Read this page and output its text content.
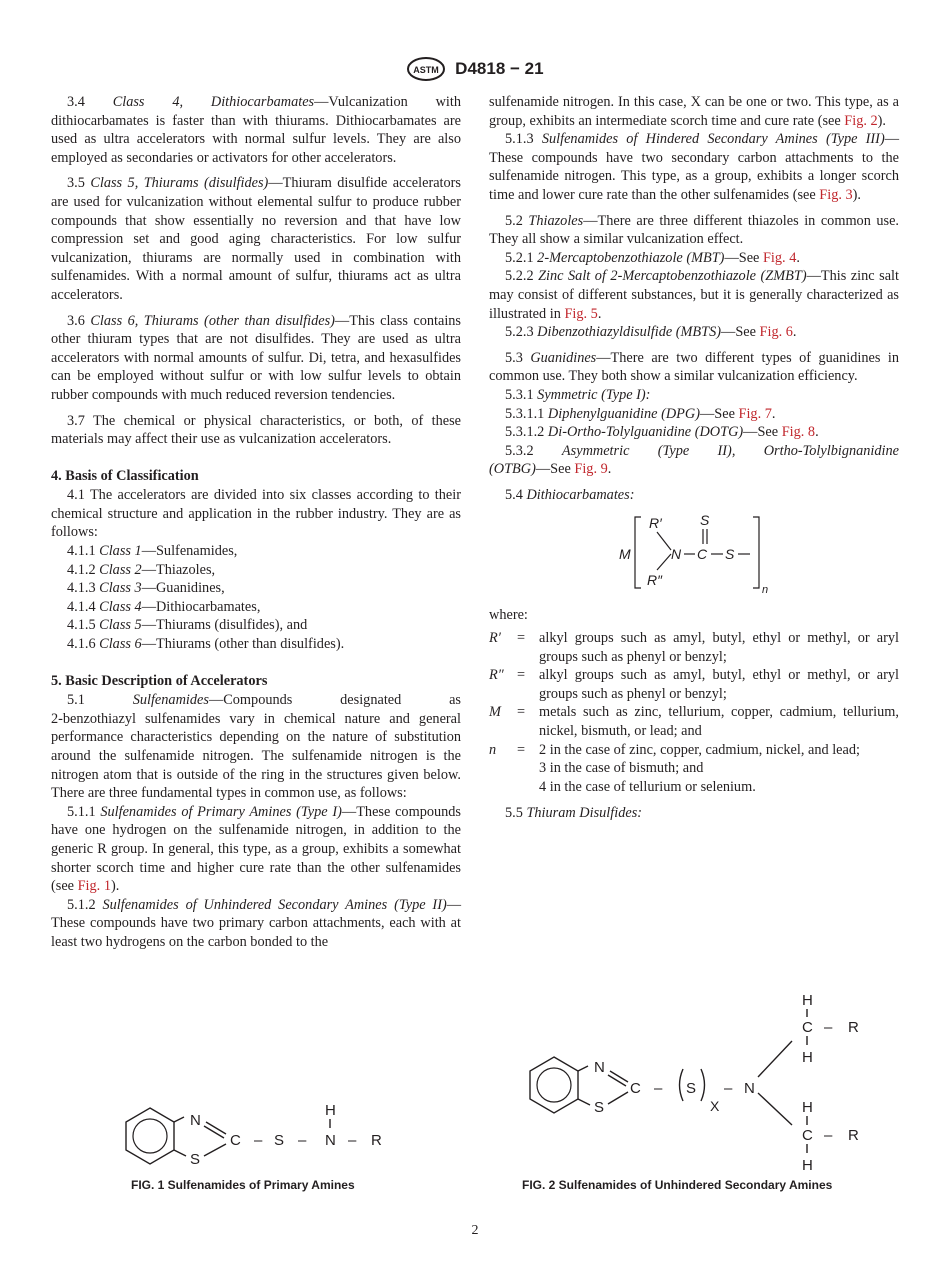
ASTM D4818 − 21

3.4 Class 4, Dithiocarbamates—Vulcanization with dithiocarbamates is faster than with thiurams. Dithiocarbamates are used as ultra accelerators with normal sulfur levels. They are also employed as secondaries or activators for other accelerators.

3.5 Class 5, Thiurams (disulfides)—Thiuram disulfide accelerators are used for vulcanization without elemental sulfur to produce rubber compounds that show essentially no reversion and that have low compression set and good aging characteristics. For low sulfur vulcanization, thiurams are normally used in combination with sulfenamides. With a normal amount of sulfur, thiurams act as ultra accelerators.

3.6 Class 6, Thiurams (other than disulfides)—This class contains other thiuram types that are not disulfides. They are used as ultra accelerators with normal amounts of sulfur. Di, tetra, and hexasulfides can be employed without sulfur or with low sulfur levels to obtain rubber compounds with much reduced reversion tendencies.

3.7 The chemical or physical characteristics, or both, of these materials may affect their use as vulcanization accelerators.

4. Basis of Classification

4.1 The accelerators are divided into six classes according to their chemical structure and application in the rubber industry. They are as follows:

4.1.1 Class 1—Sulfenamides,

4.1.2 Class 2—Thiazoles,

4.1.3 Class 3—Guanidines,

4.1.4 Class 4—Dithiocarbamates,

4.1.5 Class 5—Thiurams (disulfides), and

4.1.6 Class 6—Thiurams (other than disulfides).

5. Basic Description of Accelerators

5.1	Sulfenamides—Compounds designated as

2-benzothiazyl sulfenamides vary in chemical nature and general performance characteristics depending on the nature of substitution around the sulfenamide nitrogen. The sulfenamide nitrogen is the nitrogen atom that is outside of the ring in the structures given below. There are three fundamental types in common use, as follows:

5.1.1 Sulfenamides of Primary Amines (Type I)—These compounds have one hydrogen on the sulfenamide nitrogen, in addition to the generic R group. In general, this type, as a group, exhibits a somewhat shorter scorch time and higher cure rate than the other sulfenamides (see Fig. 1).

5.1.2 Sulfenamides of Unhindered Secondary Amines (Type II)—These compounds have two primary carbon attachments, each with at least two hydrogens on the carbon bonded to the

sulfenamide nitrogen. In this case, X can be one or two. This type, as a group, exhibits an intermediate scorch time and cure rate (see Fig. 2).

5.1.3 Sulfenamides of Hindered Secondary Amines (Type III)—These compounds have two secondary carbon attachments to the sulfenamide nitrogen. This type, as a group, exhibits a longer scorch time and lower cure rate than the other sulfenamides (see Fig. 3).

5.2 Thiazoles—There are three different thiazoles in common use. They all show a similar vulcanization effect.

5.2.1 2-Mercaptobenzothiazole (MBT)—See Fig. 4.

5.2.2 Zinc Salt of 2-Mercaptobenzothiazole (ZMBT)—This zinc salt may consist of different substances, but it is generally characterized as illustrated in Fig. 5.

5.2.3 Dibenzothiazyldisulfide (MBTS)—See Fig. 6.

5.3 Guanidines—There are two different types of guanidines in common use. They both show a similar vulcanization efficiency.

5.3.1 Symmetric (Type I):

5.3.1.1 Diphenylguanidine (DPG)—See Fig. 7.

5.3.1.2 Di-Ortho-Tolylguanidine (DOTG)—See Fig. 8.

5.3.2 Asymmetric (Type II), Ortho-Tolylbignanidine

(OTBG)—See Fig. 9.

5.4 Dithiocarbamates:

M
R′
R″
N C
S
S
n

where:

R′	= alkyl groups such as amyl, butyl, ethyl or methyl, or aryl groups such as phenyl or benzyl;
R″ = alkyl groups such as amyl, butyl, ethyl or methyl, or aryl groups such as phenyl or benzyl;
M	= metals such as zinc, tellurium, copper, cadmium, tellurium, nickel, bismuth, or lead; and
n	= 2 in the case of zinc, copper, cadmium, nickel, and lead;
3 in the case of bismuth; and
4 in the case of tellurium or selenium.

5.5 Thiuram Disulfides:

N
S
C – S –
H
N – R
FIG. 1 Sulfenamides of Primary Amines
N
S
C – S
X
– N
H
C – R
H
H
C – R
H
FIG. 2 Sulfenamides of Unhindered Secondary Amines
2
